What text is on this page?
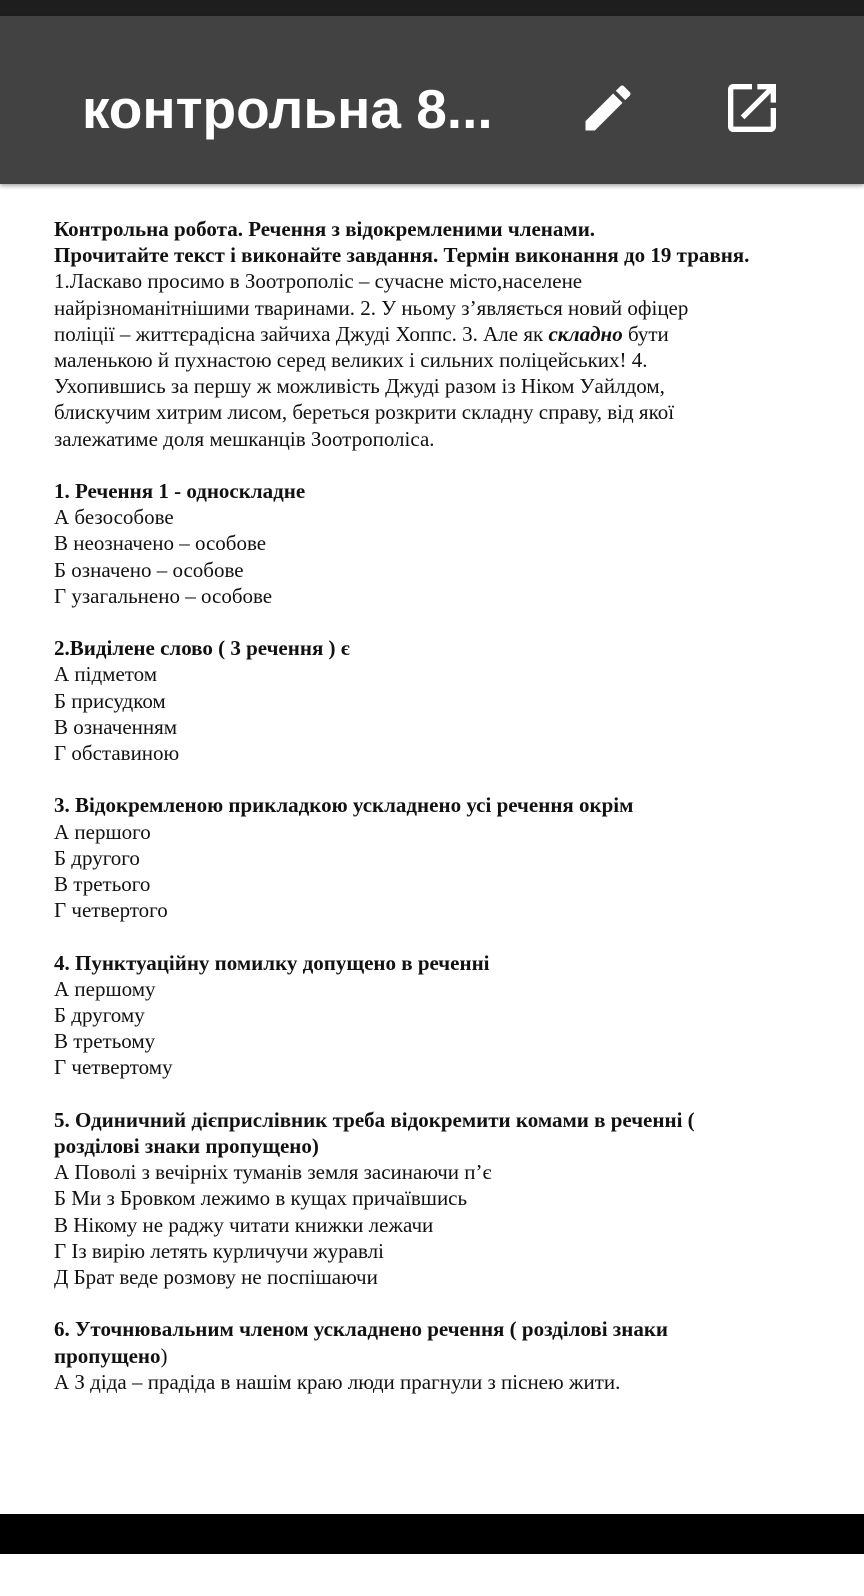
контрольна 8...

Контрольна робота. Речення з відокремленими членами.

Прочитайте текст і виконайте завдання. Термін виконання до 19 травня.

1.Ласкаво просимо в Зоотрополіс – сучасне місто,населене

найрізноманітнішими тваринами. 2. У ньому з’являється новий офіцер

поліції – життєрадісна зайчиха Джуді Хоппс. 3. Але як складно бути

маленькою й пухнастою серед великих і сильних поліцейських! 4.

Ухопившись за першу ж можливість Джуді разом із Ніком Уайлдом,

блискучим хитрим лисом, береться розкрити складну справу, від якої

залежатиме доля мешканців Зоотрополіса.

1. Речення 1 - односкладне

А безособове

В неозначено – особове

Б означено – особове

Г узагальнено – особове

2.Виділене слово ( 3 речення ) є

А підметом

Б присудком

В означенням

Г обставиною

3. Відокремленою прикладкою ускладнено усі речення окрім

А першого

Б другого

В третього

Г четвертого

4. Пунктуаційну помилку допущено в реченні

А першому

Б другому

В третьому

Г четвертому

5. Одиничний дієприслівник треба відокремити комами в реченні (

розділові знаки пропущено)

А Поволі з вечірніх туманів земля засинаючи п’є

Б Ми з Бровком лежимо в кущах причаївшись

В Нікому не раджу читати книжки лежачи

Г Із вирію летять курличучи журавлі

Д Брат веде розмову не поспішаючи

6. Уточнювальним членом ускладнено речення ( розділові знаки

пропущено)

А З діда – прадіда в нашім краю люди прагнули з піснею жити.
